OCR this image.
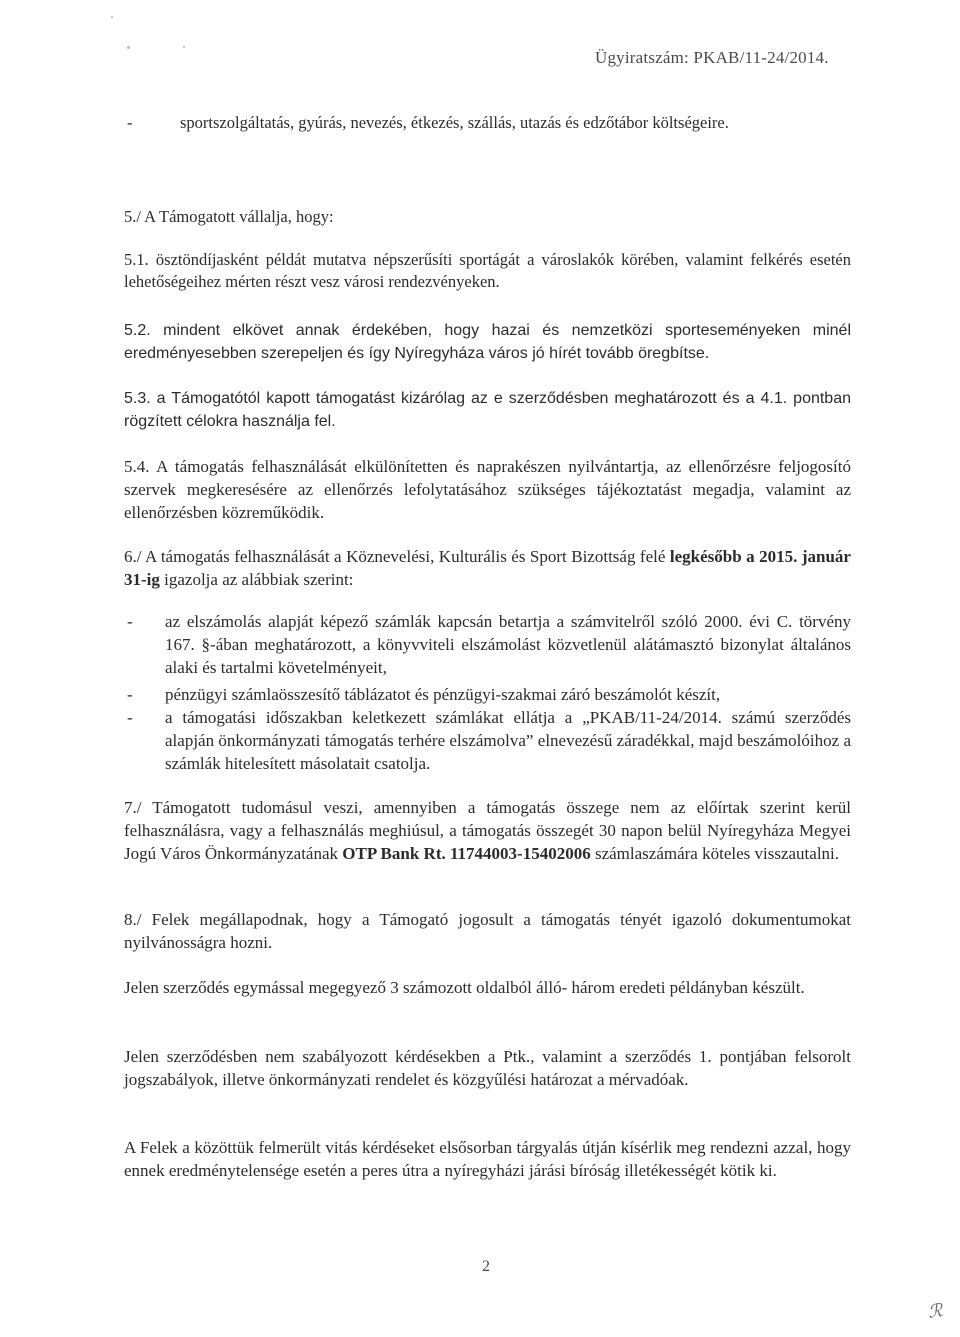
Ügyiratszám: PKAB/11-24/2014.
-	sportszolgáltatás, gyúrás, nevezés, étkezés, szállás, utazás és edzőtábor költségeire.
5./ A Támogatott vállalja, hogy:
5.1. ösztöndíjasként példát mutatva népszerűsíti sportágát a városlakók körében, valamint felkérés esetén lehetőségeihez mérten részt vesz városi rendezvényeken.
5.2. mindent elkövet annak érdekében, hogy hazai és nemzetközi sporteseményeken minél eredményesebben szerepeljen és így Nyíregyháza város jó hírét tovább öregbítse.
5.3. a Támogatótól kapott támogatást kizárólag az e szerződésben meghatározott és a 4.1. pontban rögzített célokra használja fel.
5.4. A támogatás felhasználását elkülönítetten és naprakészen nyilvántartja, az ellenőrzésre feljogosító szervek megkeresésére az ellenőrzés lefolytatásához szükséges tájékoztatást megadja, valamint az ellenőrzésben közreműködik.
6./ A támogatás felhasználását a Köznevelési, Kulturális és Sport Bizottság felé legkésőbb a 2015. január 31-ig igazolja az alábbiak szerint:
-	az elszámolás alapját képező számlák kapcsán betartja a számvitelről szóló 2000. évi C. törvény 167. §-ában meghatározott, a könyvviteli elszámolást közvetlenül alátámasztó bizonylat általános alaki és tartalmi követelményeit,
-	pénzügyi számlaösszesítő táblázatot és pénzügyi-szakmai záró beszámolót készít,
-	a támogatási időszakban keletkezett számlákat ellátja a „PKAB/11-24/2014. számú szerződés alapján önkormányzati támogatás terhére elszámolva” elnevezésű záradékkal, majd beszámolóihoz a számlák hitelesített másolatait csatolja.
7./ Támogatott tudomásul veszi, amennyiben a támogatás összege nem az előírtak szerint kerül felhasználásra, vagy a felhasználás meghiúsul, a támogatás összegét 30 napon belül Nyíregyháza Megyei Jogú Város Önkormányzatának OTP Bank Rt. 11744003-15402006 számlaszámára köteles visszautalni.
8./ Felek megállapodnak, hogy a Támogató jogosult a támogatás tényét igazoló dokumentumokat nyilvánosságra hozni.
Jelen szerződés egymással megegyező 3 számozott oldalból álló- három eredeti példányban készült.
Jelen szerződésben nem szabályozott kérdésekben a Ptk., valamint a szerződés 1. pontjában felsorolt jogszabályok, illetve önkormányzati rendelet és közgyűlési határozat a mérvadóak.
A Felek a közöttük felmerült vitás kérdéseket elsősorban tárgyalás útján kísérlik meg rendezni azzal, hogy ennek eredménytelensége esetén a peres útra a nyíregyházi járási bíróság illetékességét kötik ki.
2
ℛ
